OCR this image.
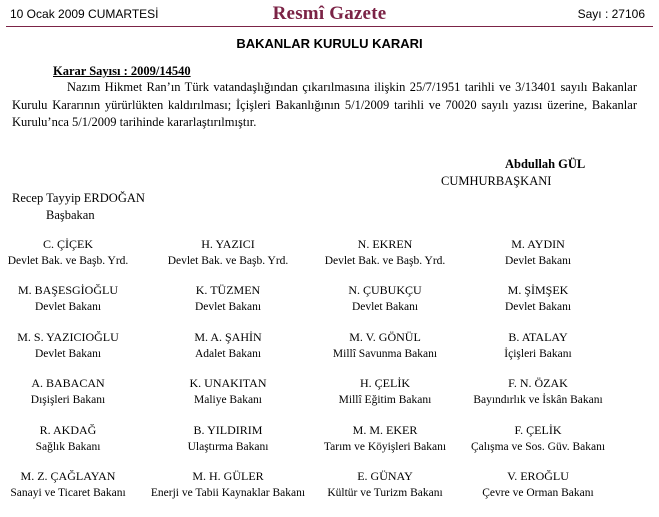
10 Ocak 2009 CUMARTESİ	Resmî Gazete	Sayı : 27106
BAKANLAR KURULU KARARI
Karar Sayısı : 2009/14540

Nazım Hikmet Ran’ın Türk vatandaşlığından çıkarılmasına ilişkin 25/7/1951 tarihli ve 3/13401 sayılı Bakanlar Kurulu Kararının yürürlükten kaldırılması; İçişleri Bakanlığının 5/1/2009 tarihli ve 70020 sayılı yazısı üzerine, Bakanlar Kurulu’nca 5/1/2009 tarihinde kararlaştırılmıştır.

Abdullah GÜL
CUMHURBAŞKANI
Recep Tayyip ERDOĞAN
Başbakan
C. ÇİÇEK
Devlet Bak. ve Başb. Yrd.
H. YAZICI
Devlet Bak. ve Başb. Yrd.
N. EKREN
Devlet Bak. ve Başb. Yrd.
M. AYDIN
Devlet Bakanı
M. BAŞESGİOĞLU
Devlet Bakanı
K. TÜZMEN
Devlet Bakanı
N. ÇUBUKÇU
Devlet Bakanı
M. ŞİMŞEK
Devlet Bakanı
M. S. YAZICIOĞLU
Devlet Bakanı
M. A. ŞAHİN
Adalet Bakanı
M. V. GÖNÜL
Millî Savunma Bakanı
B. ATALAY
İçişleri Bakanı
A. BABACAN
Dışişleri Bakanı
K. UNAKITAN
Maliye Bakanı
H. ÇELİK
Millî Eğitim Bakanı
F. N. ÖZAK
Bayındırlık ve İskân Bakanı
R. AKDAĞ
Sağlık Bakanı
B. YILDIRIM
Ulaştırma Bakanı
M. M. EKER
Tarım ve Köyişleri Bakanı
F. ÇELİK
Çalışma ve Sos. Güv. Bakanı
M. Z. ÇAĞLAYAN
Sanayi ve Ticaret Bakanı
M. H. GÜLER
Enerji ve Tabii Kaynaklar Bakanı
E. GÜNAY
Kültür ve Turizm Bakanı
V. EROĞLU
Çevre ve Orman Bakanı
